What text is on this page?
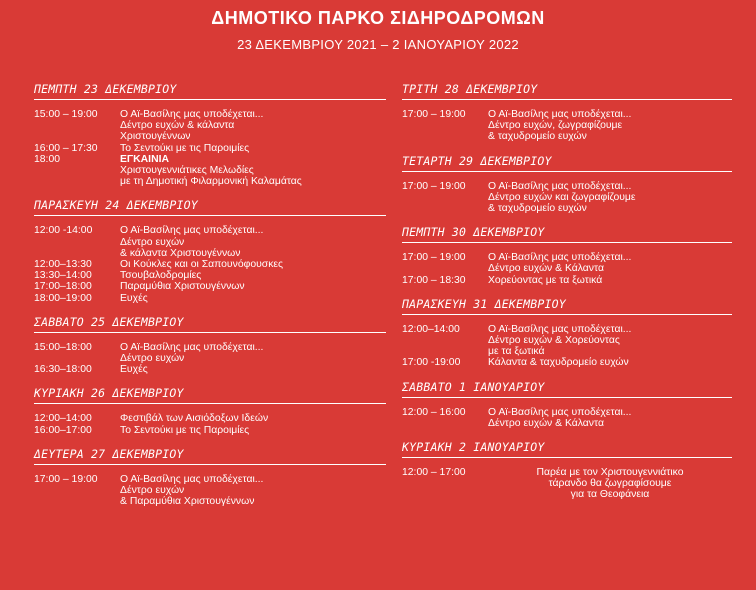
ΔΗΜΟΤΙΚΟ ΠΑΡΚΟ ΣΙΔΗΡΟΔΡΟΜΩΝ
23 ΔΕΚΕΜΒΡΙΟΥ 2021 – 2 ΙΑΝΟΥΑΡΙΟΥ 2022
ΠΕΜΠΤΗ 23 ΔΕΚΕΜΒΡΙΟΥ
15:00 – 19:00	Ο Αϊ-Βασίλης μας υποδέχεται...
Δέντρο ευχών & κάλαντα
Χριστουγέννων
16:00 – 17:30	Το Σεντούκι με τις Παροιμίες
18:00	ΕΓΚΑΙΝΙΑ
Χριστουγεννιάτικες Μελωδίες
με τη Δημοτική Φιλαρμονική Καλαμάτας
ΠΑΡΑΣΚΕΥΗ 24 ΔΕΚΕΜΒΡΙΟΥ
12:00 -14:00	Ο Αϊ-Βασίλης μας υποδέχεται...
Δέντρο ευχών
& κάλαντα Χριστουγέννων
12:00–13:30	Οι Κούκλες και οι Σαπουνόφουσκες
13:30–14:00	Τσουβαλοδρομίες
17:00–18:00	Παραμύθια Χριστουγέννων
18:00–19:00	Ευχές
ΣΑΒΒΑΤΟ 25 ΔΕΚΕΜΒΡΙΟΥ
15:00–18:00	Ο Αϊ-Βασίλης μας υποδέχεται...
Δέντρο ευχών
16:30–18:00	Ευχές
ΚΥΡΙΑΚΗ 26 ΔΕΚΕΜΒΡΙΟΥ
12:00–14:00	Φεστιβάλ των Αισιόδοξων Ιδεών
16:00–17:00	Το Σεντούκι με τις Παροιμίες
ΔΕΥΤΕΡΑ 27 ΔΕΚΕΜΒΡΙΟΥ
17:00 – 19:00	Ο Αϊ-Βασίλης μας υποδέχεται...
Δέντρο ευχών
& Παραμύθια Χριστουγέννων
ΤΡΙΤΗ 28 ΔΕΚΕΜΒΡΙΟΥ
17:00 – 19:00	Ο Αϊ-Βασίλης μας υποδέχεται...
Δέντρο ευχών, ζωγραφίζουμε
& ταχυδρομείο ευχών
ΤΕΤΑΡΤΗ 29 ΔΕΚΕΜΒΡΙΟΥ
17:00 – 19:00	Ο Αϊ-Βασίλης μας υποδέχεται...
Δέντρο ευχών και ζωγραφίζουμε
& ταχυδρομείο ευχών
ΠΕΜΠΤΗ 30 ΔΕΚΕΜΒΡΙΟΥ
17:00 – 19:00	Ο Αϊ-Βασίλης μας υποδέχεται...
Δέντρο ευχών & Κάλαντα
17:00 – 18:30	Χορεύοντας με τα ξωτικά
ΠΑΡΑΣΚΕΥΗ 31 ΔΕΚΕΜΒΡΙΟΥ
12:00–14:00	Ο Αϊ-Βασίλης μας υποδέχεται...
Δέντρο ευχών & Χορεύοντας
με τα ξωτικά
17:00 -19:00	Κάλαντα & ταχυδρομείο ευχών
ΣΑΒΒΑΤΟ 1 ΙΑΝΟΥΑΡΙΟΥ
12:00 – 16:00	Ο Αϊ-Βασίλης μας υποδέχεται...
Δέντρο ευχών & Κάλαντα
ΚΥΡΙΑΚΗ 2 ΙΑΝΟΥΑΡΙΟΥ
12:00 – 17:00	Παρέα με τον Χριστουγεννιάτικο
τάρανδο θα ζωγραφίσουμε
για τα Θεοφάνεια
